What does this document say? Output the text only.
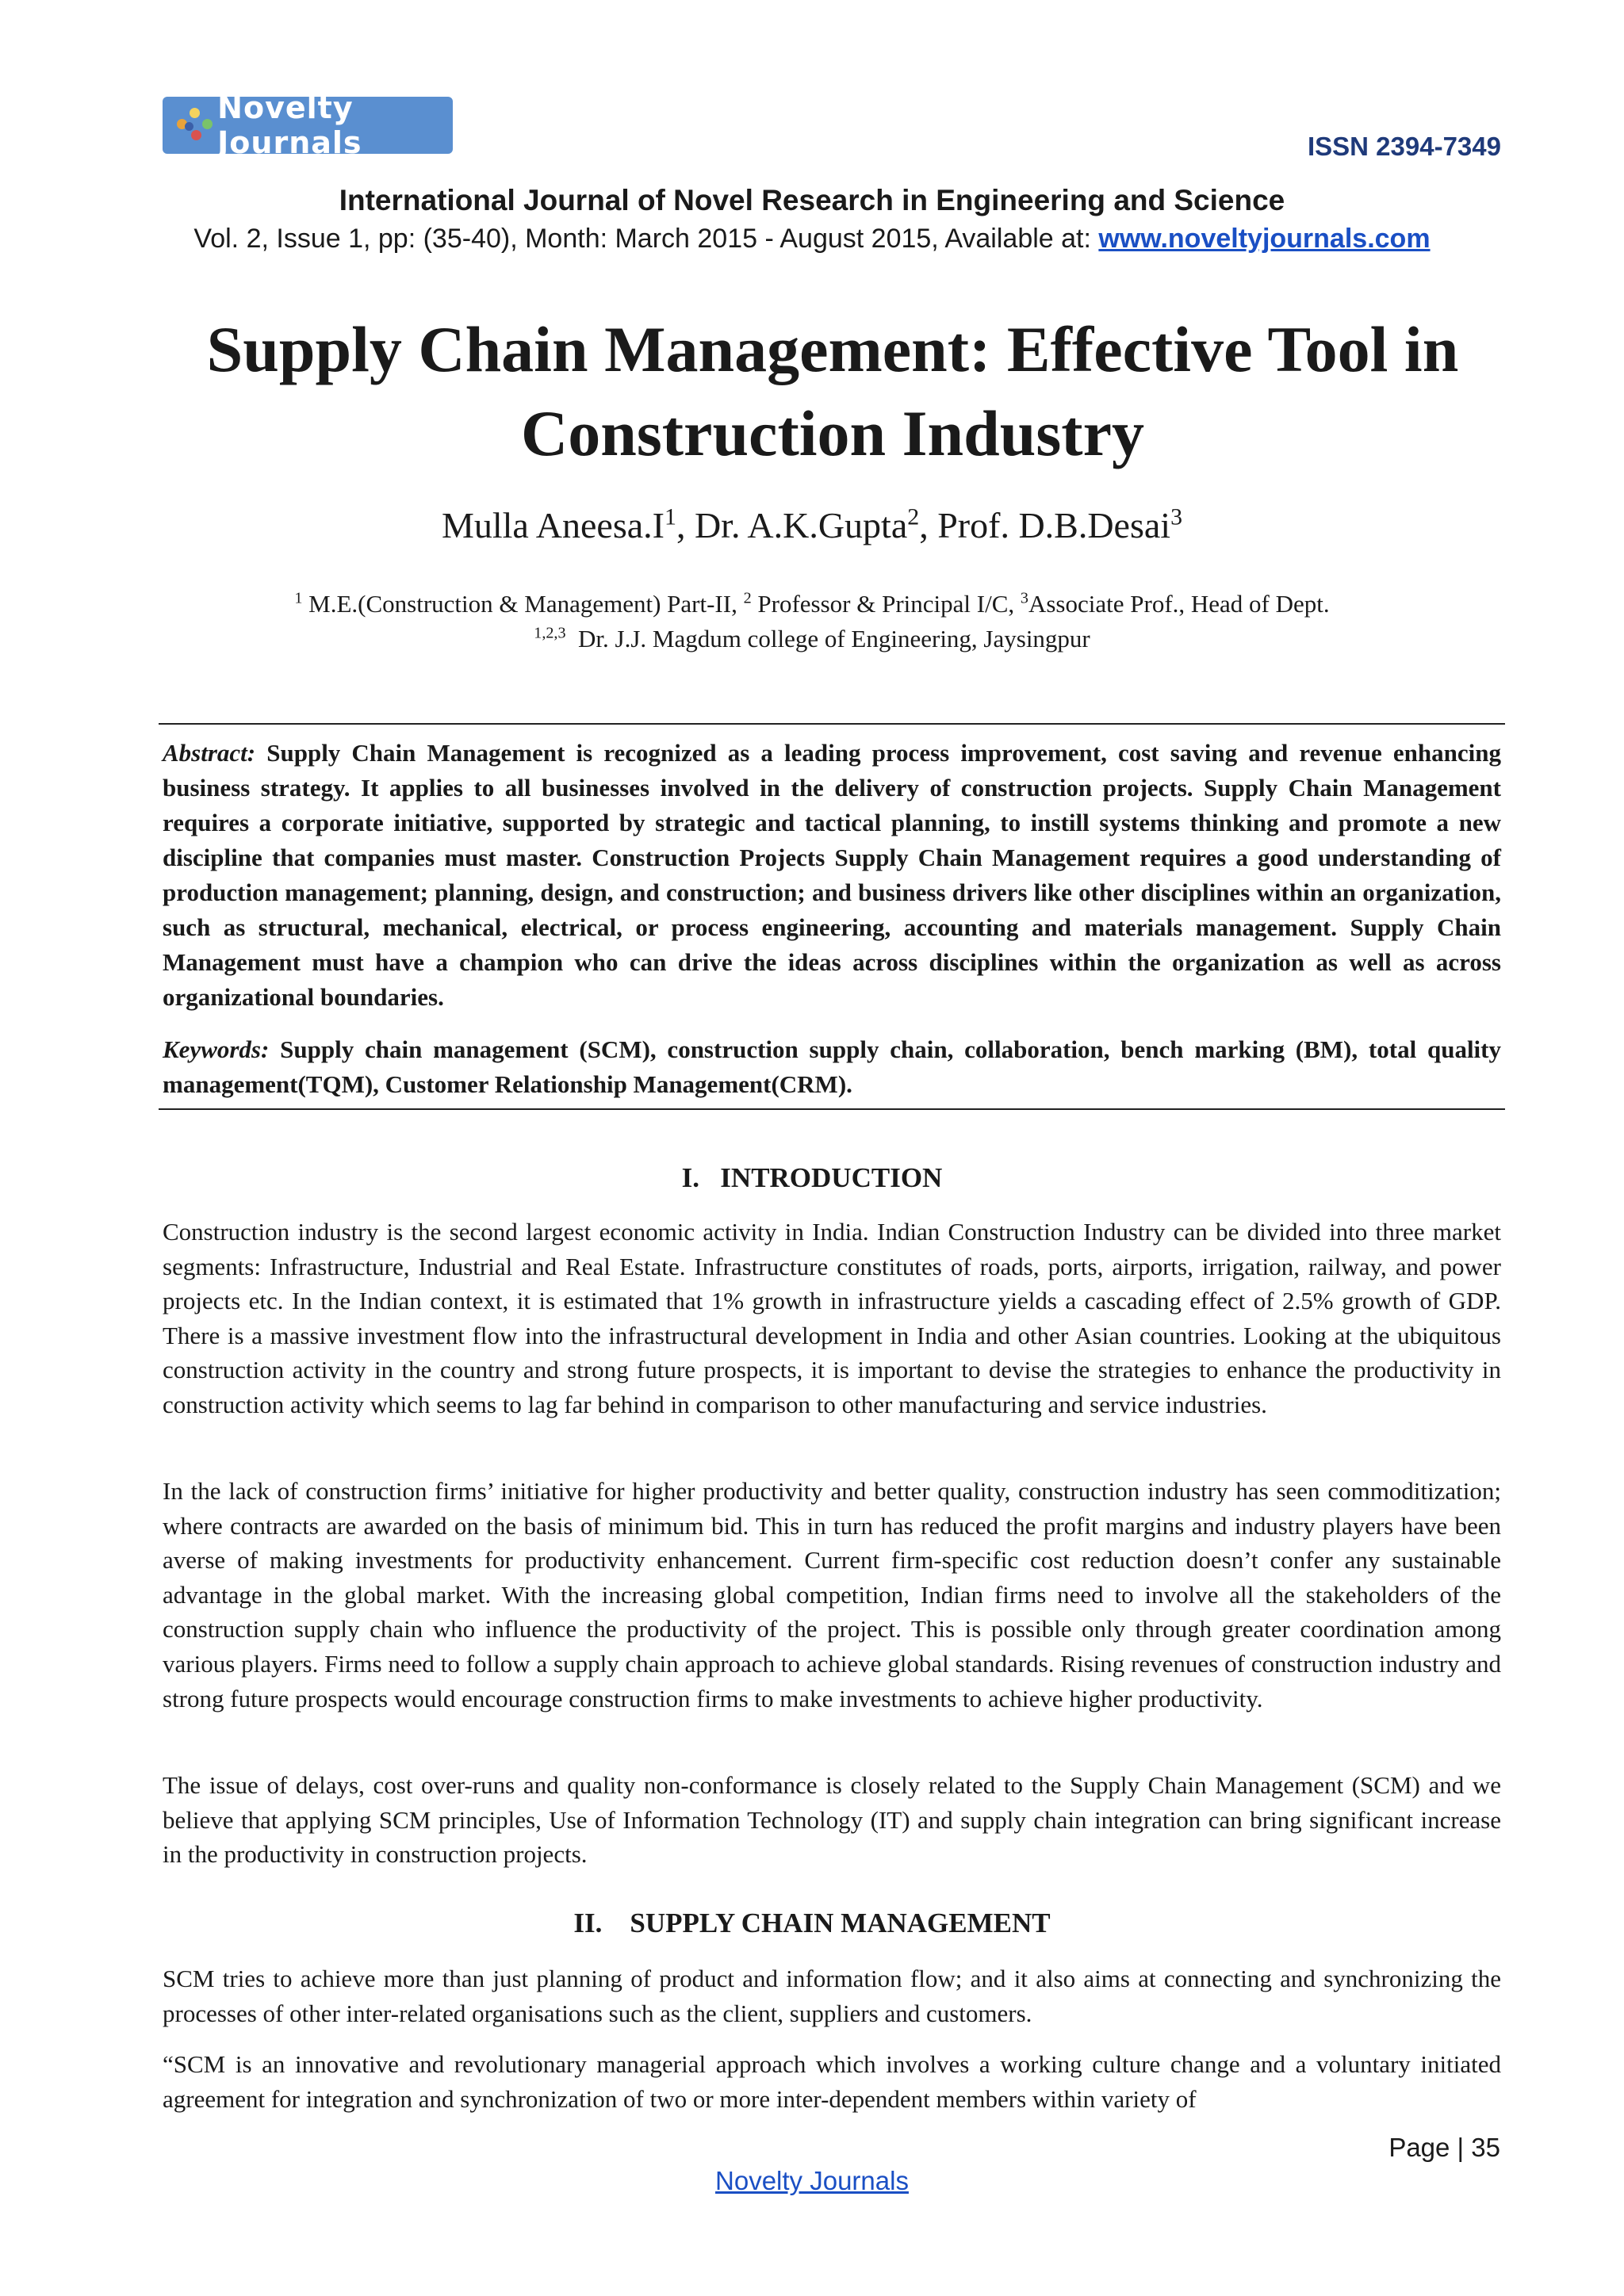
Novelty Journals	ISSN 2394-7349
International Journal of Novel Research in Engineering and Science
Vol. 2, Issue 1, pp: (35-40), Month: March 2015 - August 2015, Available at: www.noveltyjournals.com
Supply Chain Management: Effective Tool in
Construction Industry
Mulla $Aneesa.I^1$, Dr. A.K.Gupta$^2$, Prof. D.B.Desai$^3$
$^1$ M.E.(Construction & Management) Part-II, $^2$ Professor & Principal I/C, $^3$Associate Prof., Head of Dept.
$^{1,2,3}$  Dr. J.J. Magdum college of Engineering, Jaysingpur

Abstract: Supply Chain Management is recognized as a leading process improvement, cost saving and revenue enhancing business strategy. It applies to all businesses involved in the delivery of construction projects. Supply Chain Management requires a corporate initiative, supported by strategic and tactical planning, to instill systems thinking and promote a new discipline that companies must master. Construction Projects Supply Chain Management requires a good understanding of production management; planning, design, and construction; and business drivers like other disciplines within an organization, such as structural, mechanical, electrical, or process engineering, accounting and materials management. Supply Chain Management must have a champion who can drive the ideas across disciplines within the organization as well as across organizational boundaries.

Keywords: Supply chain management (SCM), construction supply chain, collaboration, bench marking (BM), total quality management(TQM), Customer Relationship Management(CRM).

I.   INTRODUCTION

Construction industry is the second largest economic activity in India. Indian Construction Industry can be divided into three market segments: Infrastructure, Industrial and Real Estate. Infrastructure constitutes of roads, ports, airports, irrigation, railway, and power projects etc. In the Indian context, it is estimated that 1% growth in infrastructure yields a cascading effect of 2.5% growth of GDP. There is a massive investment flow into the infrastructural development in India and other Asian countries. Looking at the ubiquitous construction activity in the country and strong future prospects, it is important to devise the strategies to enhance the productivity in construction activity which seems to lag far behind in comparison to other manufacturing and service industries.

In the lack of construction firms’ initiative for higher productivity and better quality, construction industry has seen commoditization; where contracts are awarded on the basis of minimum bid. This in turn has reduced the profit margins and industry players have been averse of making investments for productivity enhancement. Current firm-specific cost reduction doesn’t confer any sustainable advantage in the global market. With the increasing global competition, Indian firms need to involve all the stakeholders of the construction supply chain who influence the productivity of the project. This is possible only through greater coordination among various players. Firms need to follow a supply chain approach to achieve global standards. Rising revenues of construction industry and strong future prospects would encourage construction firms to make investments to achieve higher productivity.

The issue of delays, cost over-runs and quality non-conformance is closely related to the Supply Chain Management (SCM) and we believe that applying SCM principles, Use of Information Technology (IT) and supply chain integration can bring significant increase in the productivity in construction projects.

II.    SUPPLY CHAIN MANAGEMENT

SCM tries to achieve more than just planning of product and information flow; and it also aims at connecting and synchronizing the processes of other inter-related organisations such as the client, suppliers and customers.

“SCM is an innovative and revolutionary managerial approach which involves a working culture change and a voluntary initiated agreement for integration and synchronization of two or more inter-dependent members within variety of

Page | 35
Novelty Journals
